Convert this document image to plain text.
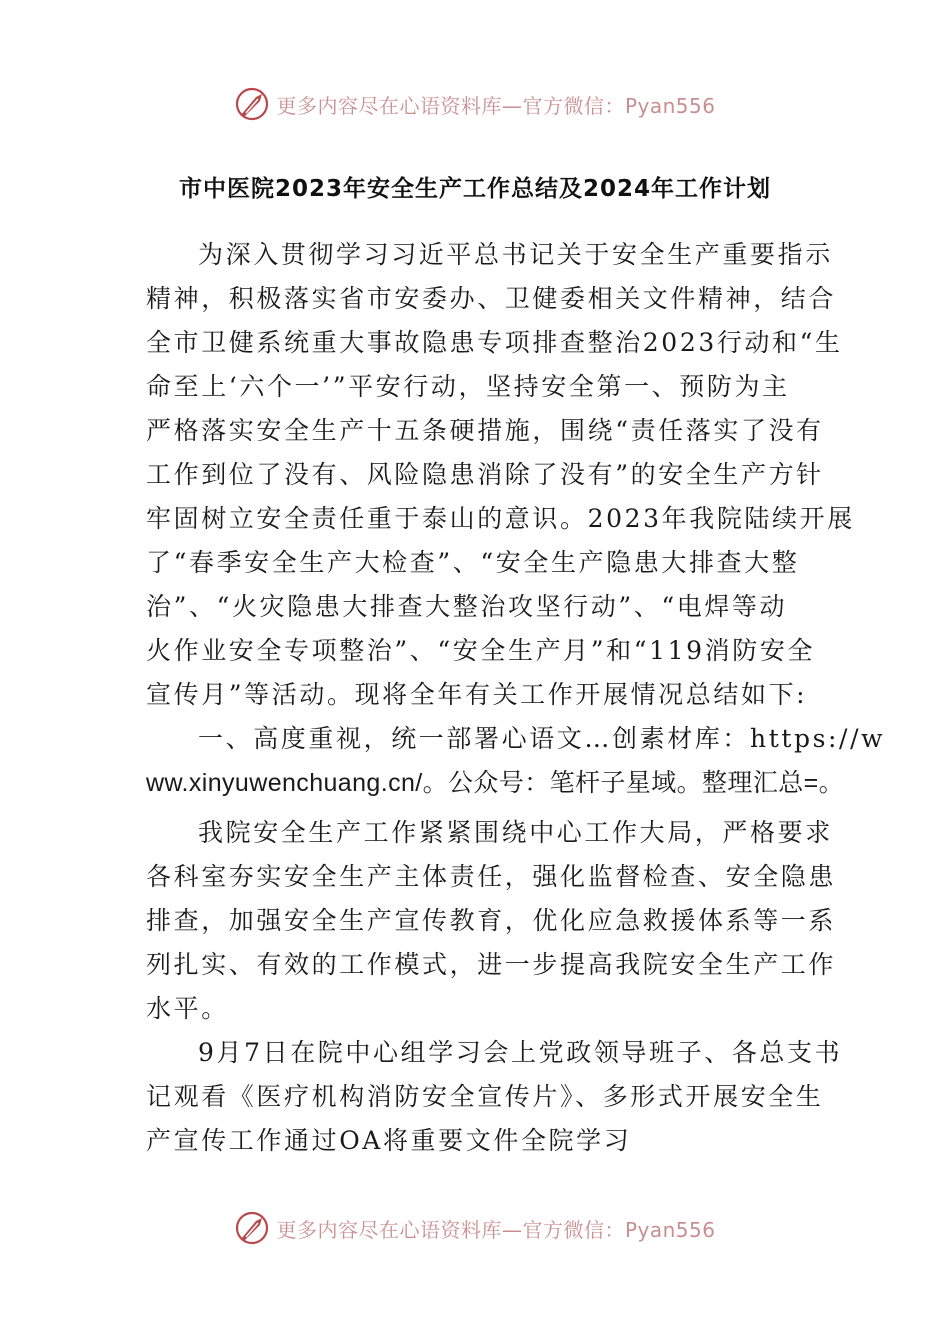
更多内容尽在心语资料库—官方微信：Pyan556
市中医院2023年安全生产工作总结及2024年工作计划
为深入贯彻学习习近平总书记关于安全生产重要指示
精神，积极落实省市安委办、卫健委相关文件精神，结合
全市卫健系统重大事故隐患专项排查整治2023行动和“生
命至上‘六个一’”平安行动，坚持安全第一、预防为主
严格落实安全生产十五条硬措施，围绕“责任落实了没有
工作到位了没有、风险隐患消除了没有”的安全生产方针
牢固树立安全责任重于泰山的意识。2023年我院陆续开展
了“春季安全生产大检查”、“安全生产隐患大排查大整
治”、“火灾隐患大排查大整治攻坚行动”、“电焊等动
火作业安全专项整治”、“安全生产月”和“119消防安全
宣传月”等活动。现将全年有关工作开展情况总结如下:
一、高度重视，统一部署心语文…创素材库：https://w
ww.xinyuwenchuang.cn/。公众号：笔杆子星域。整理汇总=。
我院安全生产工作紧紧围绕中心工作大局，严格要求
各科室夯实安全生产主体责任，强化监督检查、安全隐患
排查，加强安全生产宣传教育，优化应急救援体系等一系
列扎实、有效的工作模式，进一步提高我院安全生产工作
水平。
9月7日在院中心组学习会上党政领导班子、各总支书
记观看《医疗机构消防安全宣传片》、多形式开展安全生
产宣传工作通过OA将重要文件全院学习
更多内容尽在心语资料库—官方微信：Pyan556
